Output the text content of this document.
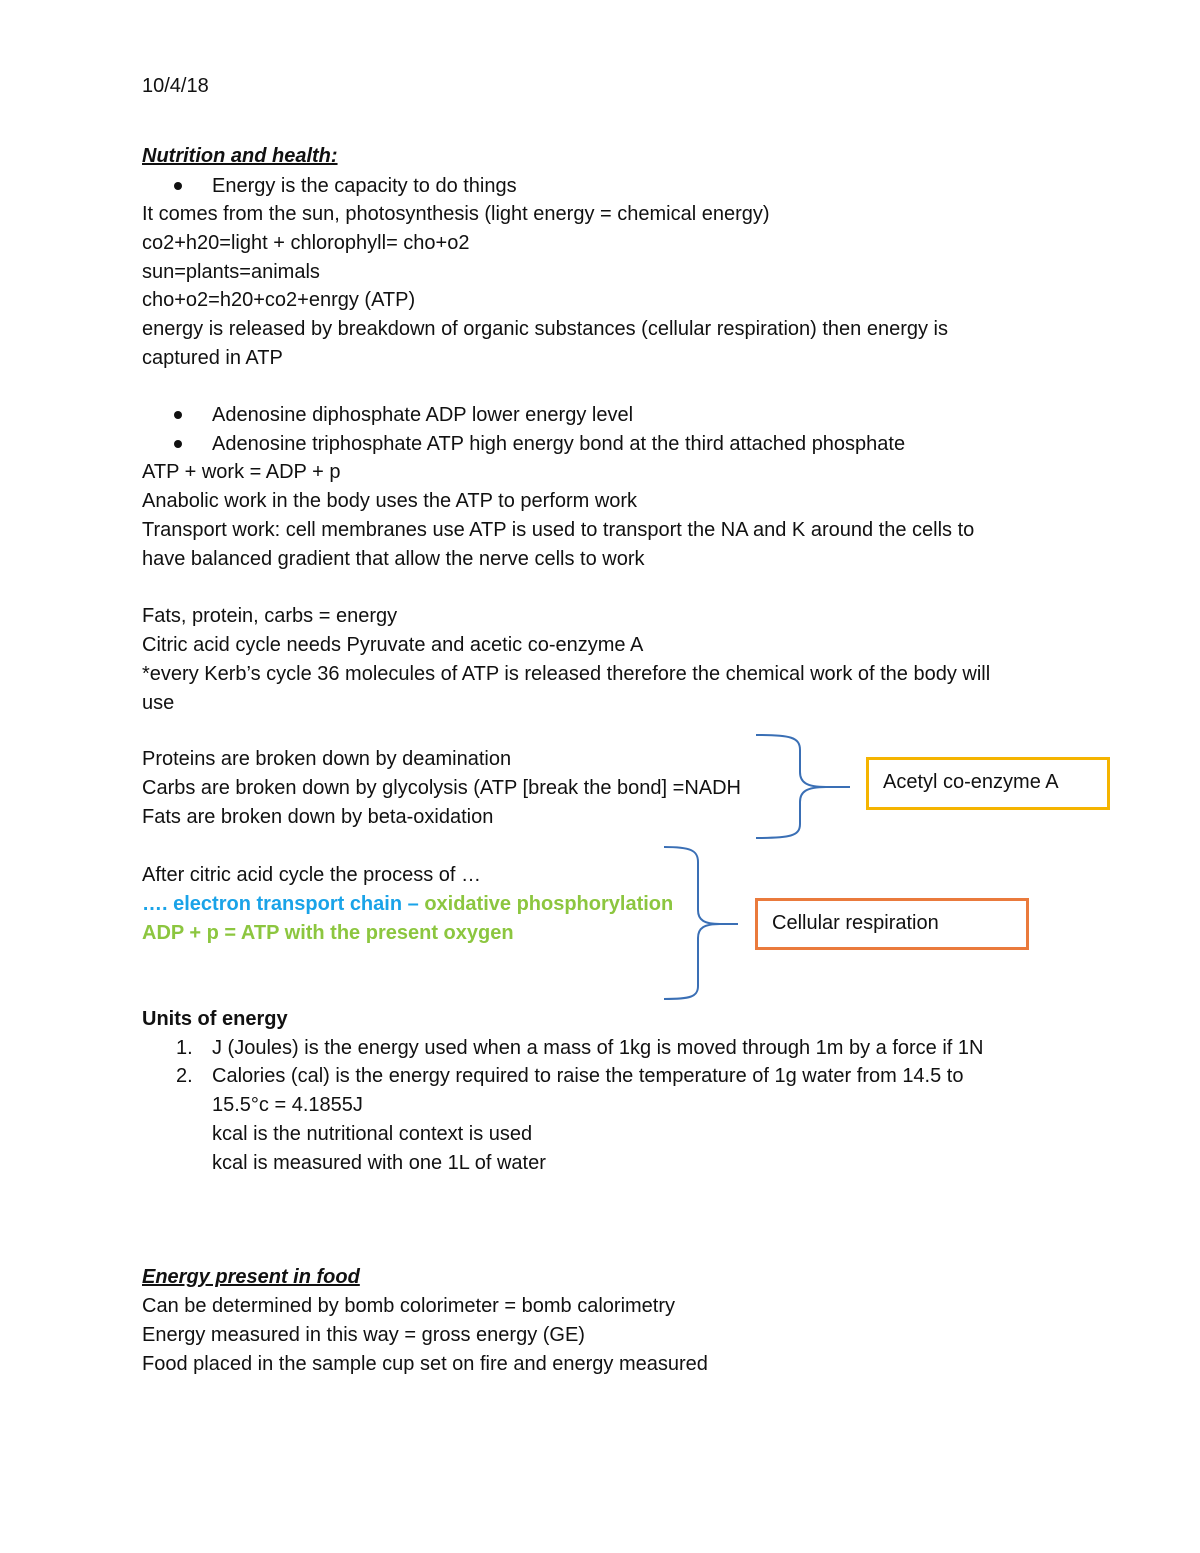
10/4/18

Nutrition and health:

Energy is the capacity to do things

It comes from the sun, photosynthesis (light energy = chemical energy)

co2+h20=light + chlorophyll= cho+o2

sun=plants=animals

cho+o2=h20+co2+enrgy (ATP)

energy is released by breakdown of organic substances (cellular respiration) then energy is

captured in ATP

Adenosine diphosphate ADP lower energy level

Adenosine triphosphate ATP high energy bond at the third attached phosphate

ATP + work = ADP + p

Anabolic work in the body uses the ATP to perform work

Transport work: cell membranes use ATP is used to transport the NA and K around the cells to

have balanced gradient that allow the nerve cells to work

Fats, protein, carbs = energy

Citric acid cycle needs Pyruvate and acetic co-enzyme A

*every Kerb’s cycle 36 molecules of ATP is released therefore the chemical work of the body will

use

Proteins are broken down by deamination

Carbs are broken down by glycolysis (ATP [break the bond] =NADH

Fats are broken down by beta-oxidation

Acetyl co-enzyme A

After citric acid cycle the process of …

…. electron transport chain – oxidative phosphorylation

ADP + p = ATP with the present oxygen	Cellular respiration

Units of energy

1. J (Joules) is the energy used when a mass of 1kg is moved through 1m by a force if 1N

2. Calories (cal) is the energy required to raise the temperature of 1g water from 14.5 to

15.5°c = 4.1855J

kcal is the nutritional context is used

kcal is measured with one 1L of water

Energy present in food

Can be determined by bomb colorimeter = bomb calorimetry

Energy measured in this way = gross energy (GE)

Food placed in the sample cup set on fire and energy measured
